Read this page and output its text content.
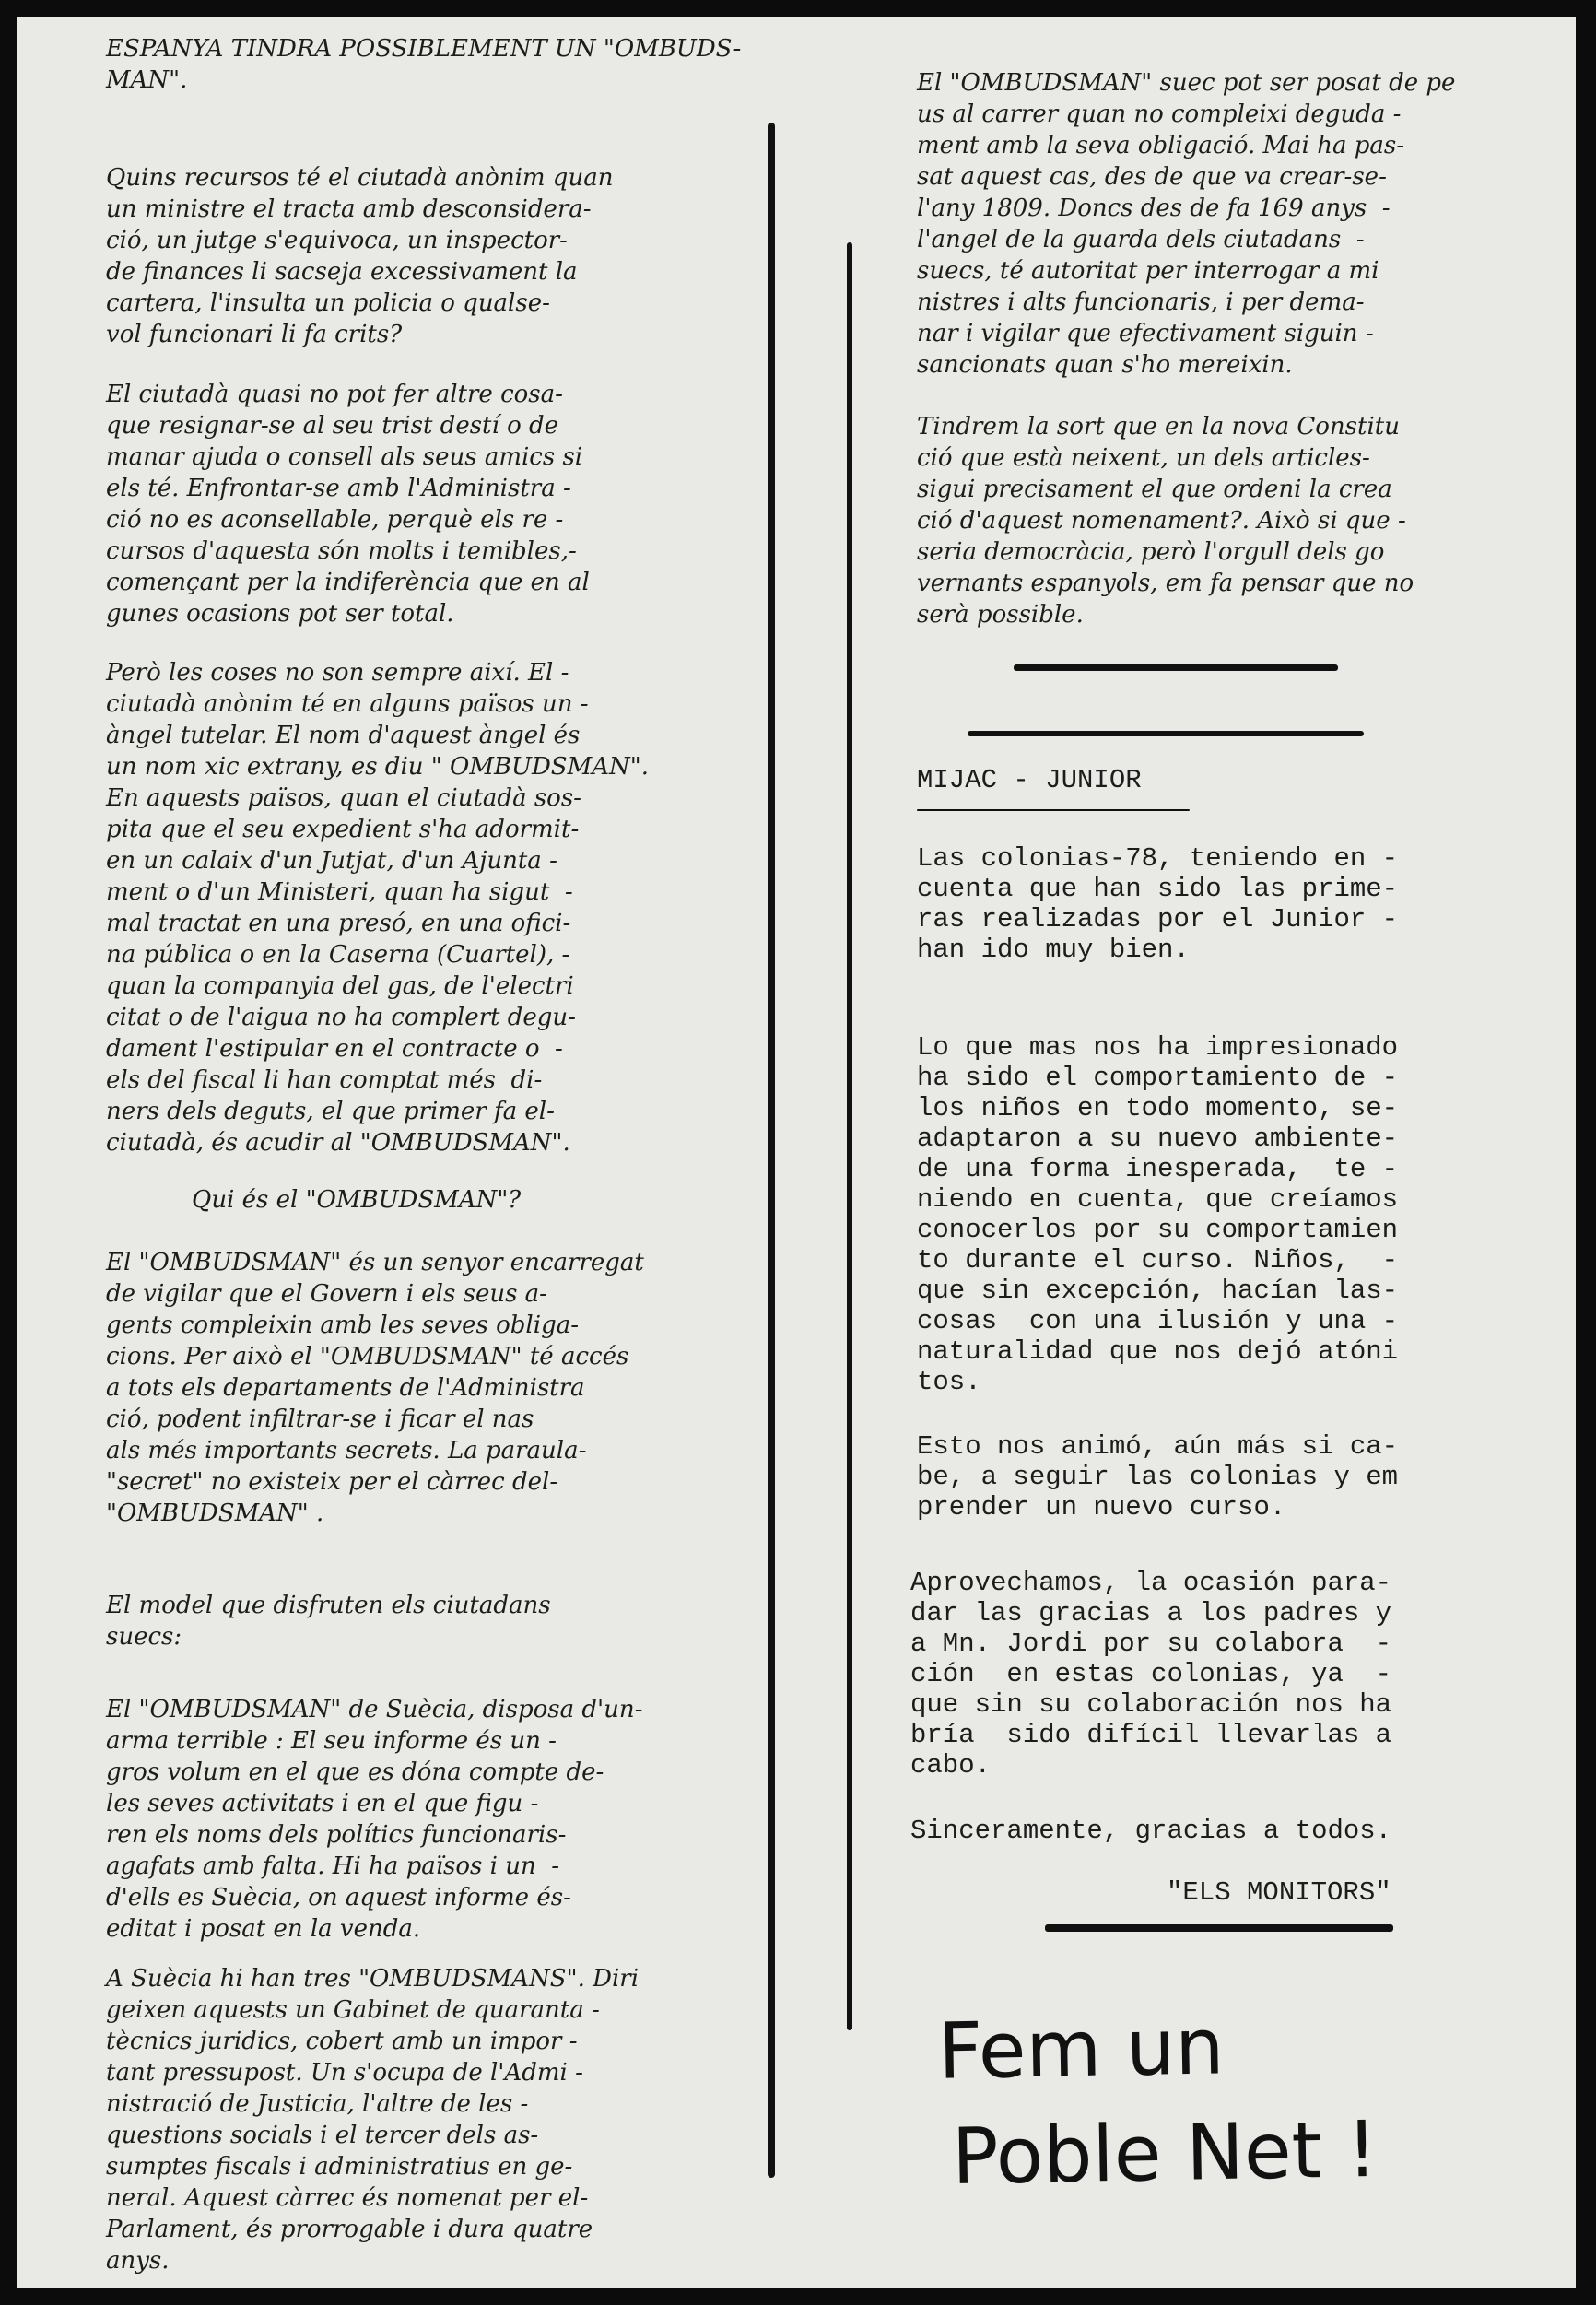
ESPANYA TINDRA POSSIBLEMENT UN "OMBUDS-
MAN".

Quins recursos té el ciutadà anònim quan
un ministre el tracta amb desconsidera-
ció, un jutge s'equivoca, un inspector-
de finances li sacseja excessivament la
cartera, l'insulta un policia o qualse-
vol funcionari li fa crits?

El ciutadà quasi no pot fer altre cosa-
que resignar-se al seu trist destí o de
manar ajuda o consell als seus amics si
els té. Enfrontar-se amb l'Administra -
ció no es aconsellable, perquè els re -
cursos d'aquesta són molts i temibles,-
començant per la indiferència que en al
gunes ocasions pot ser total.

Però les coses no son sempre així. El -
ciutadà anònim té en alguns països un -
àngel tutelar. El nom d'aquest àngel és
un nom xic extrany, es diu " OMBUDSMAN".
En aquests països, quan el ciutadà sos-
pita que el seu expedient s'ha adormit-
en un calaix d'un Jutjat, d'un Ajunta -
ment o d'un Ministeri, quan ha sigut  -
mal tractat en una presó, en una ofici-
na pública o en la Caserna (Cuartel), -
quan la companyia del gas, de l'electri
citat o de l'aigua no ha complert degu-
dament l'estipular en el contracte o  -
els del fiscal li han comptat més  di-
ners dels deguts, el que primer fa el-
ciutadà, és acudir al "OMBUDSMAN".

Qui és el "OMBUDSMAN"?

El "OMBUDSMAN" és un senyor encarregat
de vigilar que el Govern i els seus a-
gents compleixin amb les seves obliga-
cions. Per això el "OMBUDSMAN" té accés
a tots els departaments de l'Administra
ció, podent infiltrar-se i ficar el nas
als més importants secrets. La paraula-
"secret" no existeix per el càrrec del-
"OMBUDSMAN" .

El model que disfruten els ciutadans
suecs:

El "OMBUDSMAN" de Suècia, disposa d'un-
arma terrible : El seu informe és un -
gros volum en el que es dóna compte de-
les seves activitats i en el que figu -
ren els noms dels polítics funcionaris-
agafats amb falta. Hi ha països i un  -
d'ells es Suècia, on aquest informe és-
editat i posat en la venda.

A Suècia hi han tres "OMBUDSMANS". Diri
geixen aquests un Gabinet de quaranta -
tècnics juridics, cobert amb un impor -
tant pressupost. Un s'ocupa de l'Admi -
nistració de Justicia, l'altre de les -
questions socials i el tercer dels as-
sumptes fiscals i administratius en ge-
neral. Aquest càrrec és nomenat per el-
Parlament, és prorrogable i dura quatre
anys.

El "OMBUDSMAN" suec pot ser posat de pe
us al carrer quan no compleixi deguda -
ment amb la seva obligació. Mai ha pas-
sat aquest cas, des de que va crear-se-
l'any 1809. Doncs des de fa 169 anys  -
l'angel de la guarda dels ciutadans  -
suecs, té autoritat per interrogar a mi
nistres i alts funcionaris, i per dema-
nar i vigilar que efectivament siguin -
sancionats quan s'ho mereixin.

Tindrem la sort que en la nova Constitu
ció que està neixent, un dels articles-
sigui precisament el que ordeni la crea
ció d'aquest nomenament?. Això si que -
seria democràcia, però l'orgull dels go
vernants espanyols, em fa pensar que no
serà possible.

MIJAC - JUNIOR

Las colonias-78, teniendo en -
cuenta que han sido las prime-
ras realizadas por el Junior -
han ido muy bien.

Lo que mas nos ha impresionado
ha sido el comportamiento de -
los niños en todo momento, se-
adaptaron a su nuevo ambiente-
de una forma inesperada,  te -
niendo en cuenta, que creíamos
conocerlos por su comportamien
to durante el curso. Niños,  -
que sin excepción, hacían las-
cosas  con una ilusión y una -
naturalidad que nos dejó atóni
tos.

Esto nos animó, aún más si ca-
be, a seguir las colonias y em
prender un nuevo curso.

Aprovechamos, la ocasión para-
dar las gracias a los padres y
a Mn. Jordi por su colabora  -
ción  en estas colonias, ya  -
que sin su colaboración nos ha
bría  sido difícil llevarlas a
cabo.

Sinceramente, gracias a todos.

"ELS MONITORS"

Fem un
Poble Net !
